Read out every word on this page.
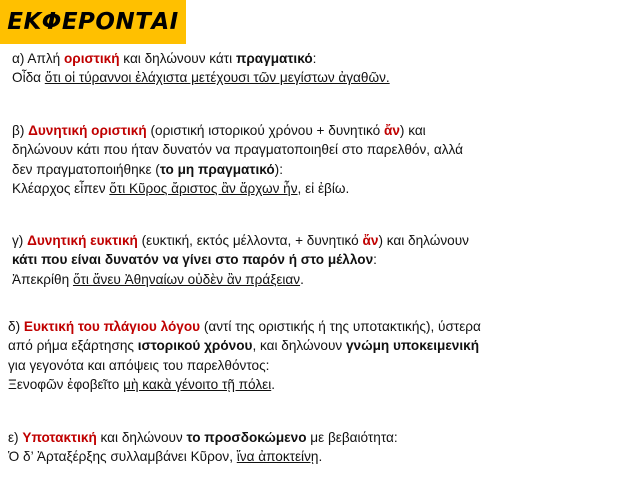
ΕΚΦΕΡΟΝΤΑΙ
α) Απλή οριστική και δηλώνουν κάτι πραγματικό:
Οἶδα ὅτι οἱ τύραννοι ἐλάχιστα μετέχουσι τῶν μεγίστων ἀγαθῶν.
β) Δυνητική οριστική (οριστική ιστορικού χρόνου + δυνητικό ἄν) και
δηλώνουν κάτι που ήταν δυνατόν να πραγματοποιηθεί στο παρελθόν, αλλά
δεν πραγματοποιήθηκε (το μη πραγματικό):
Κλέαρχος εἶπεν ὅτι Κῦρος ἄριστος ἂν ἄρχων ἦν, εἰ ἐβίω.
γ) Δυνητική ευκτική (ευκτική, εκτός μέλλοντα, + δυνητικό ἄν) και δηλώνουν
κάτι που είναι δυνατόν να γίνει στο παρόν ή στο μέλλον:
Ἀπεκρίθη ὅτι ἄνευ Ἀθηναίων οὐδὲν ἂν πράξειαν.
δ) Ευκτική του πλάγιου λόγου (αντί της οριστικής ή της υποτακτικής), ύστερα
από ρήμα εξάρτησης ιστορικού χρόνου, και δηλώνουν γνώμη υποκειμενική
για γεγονότα και απόψεις του παρελθόντος:
Ξενοφῶν ἐφοβεῖτο μὴ κακὰ γένοιτο τῇ πόλει.
ε) Υποτακτική και δηλώνουν το προσδοκώμενο με βεβαιότητα:
Ὁ δ’ Ἀρταξέρξης συλλαμβάνει Κῦρον, ἵνα ἀποκτείνῃ.
